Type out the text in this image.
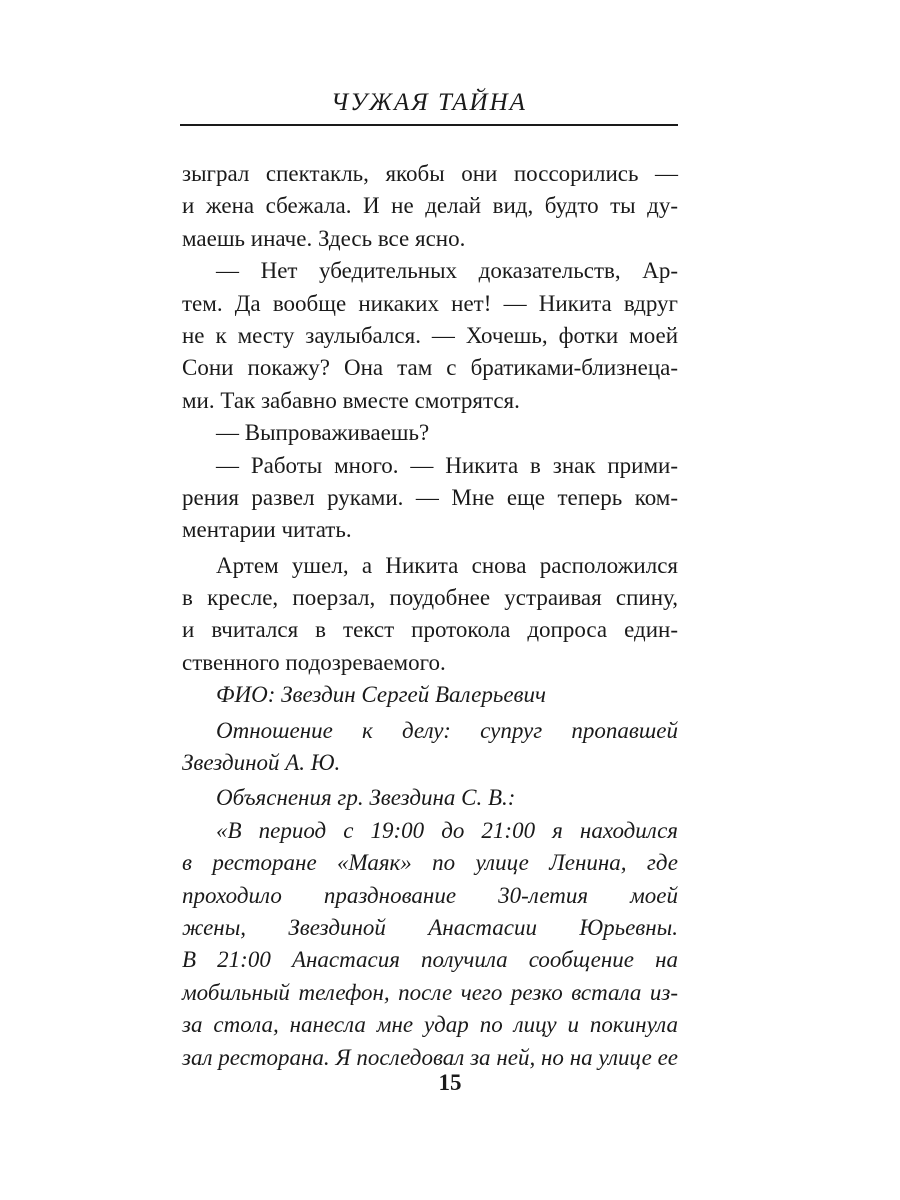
ЧУЖАЯ ТАЙНА
зыграл спектакль, якобы они поссорились —
и жена сбежала. И не делай вид, будто ты ду-
маешь иначе. Здесь все ясно.
— Нет убедительных доказательств, Ар-
тем. Да вообще никаких нет! — Никита вдруг
не к месту заулыбался. — Хочешь, фотки моей
Сони покажу? Она там с братиками-близнеца-
ми. Так забавно вместе смотрятся.
— Выпроваживаешь?
— Работы много. — Никита в знак прими-
рения развел руками. — Мне еще теперь ком-
ментарии читать.
Артем ушел, а Никита снова расположился
в кресле, поерзал, поудобнее устраивая спину,
и вчитался в текст протокола допроса един-
ственного подозреваемого.
ФИО: Звездин Сергей Валерьевич
Отношение к делу: супруг пропавшей
Звездиной А. Ю.
Объяснения гр. Звездина С. В.:
«В период с 19:00 до 21:00 я находился
в ресторане «Маяк» по улице Ленина, где
проходило празднование 30-летия моей
жены, Звездиной Анастасии Юрьевны.
В 21:00 Анастасия получила сообщение на
мобильный телефон, после чего резко встала из-
за стола, нанесла мне удар по лицу и покинула
зал ресторана. Я последовал за ней, но на улице ее
15
